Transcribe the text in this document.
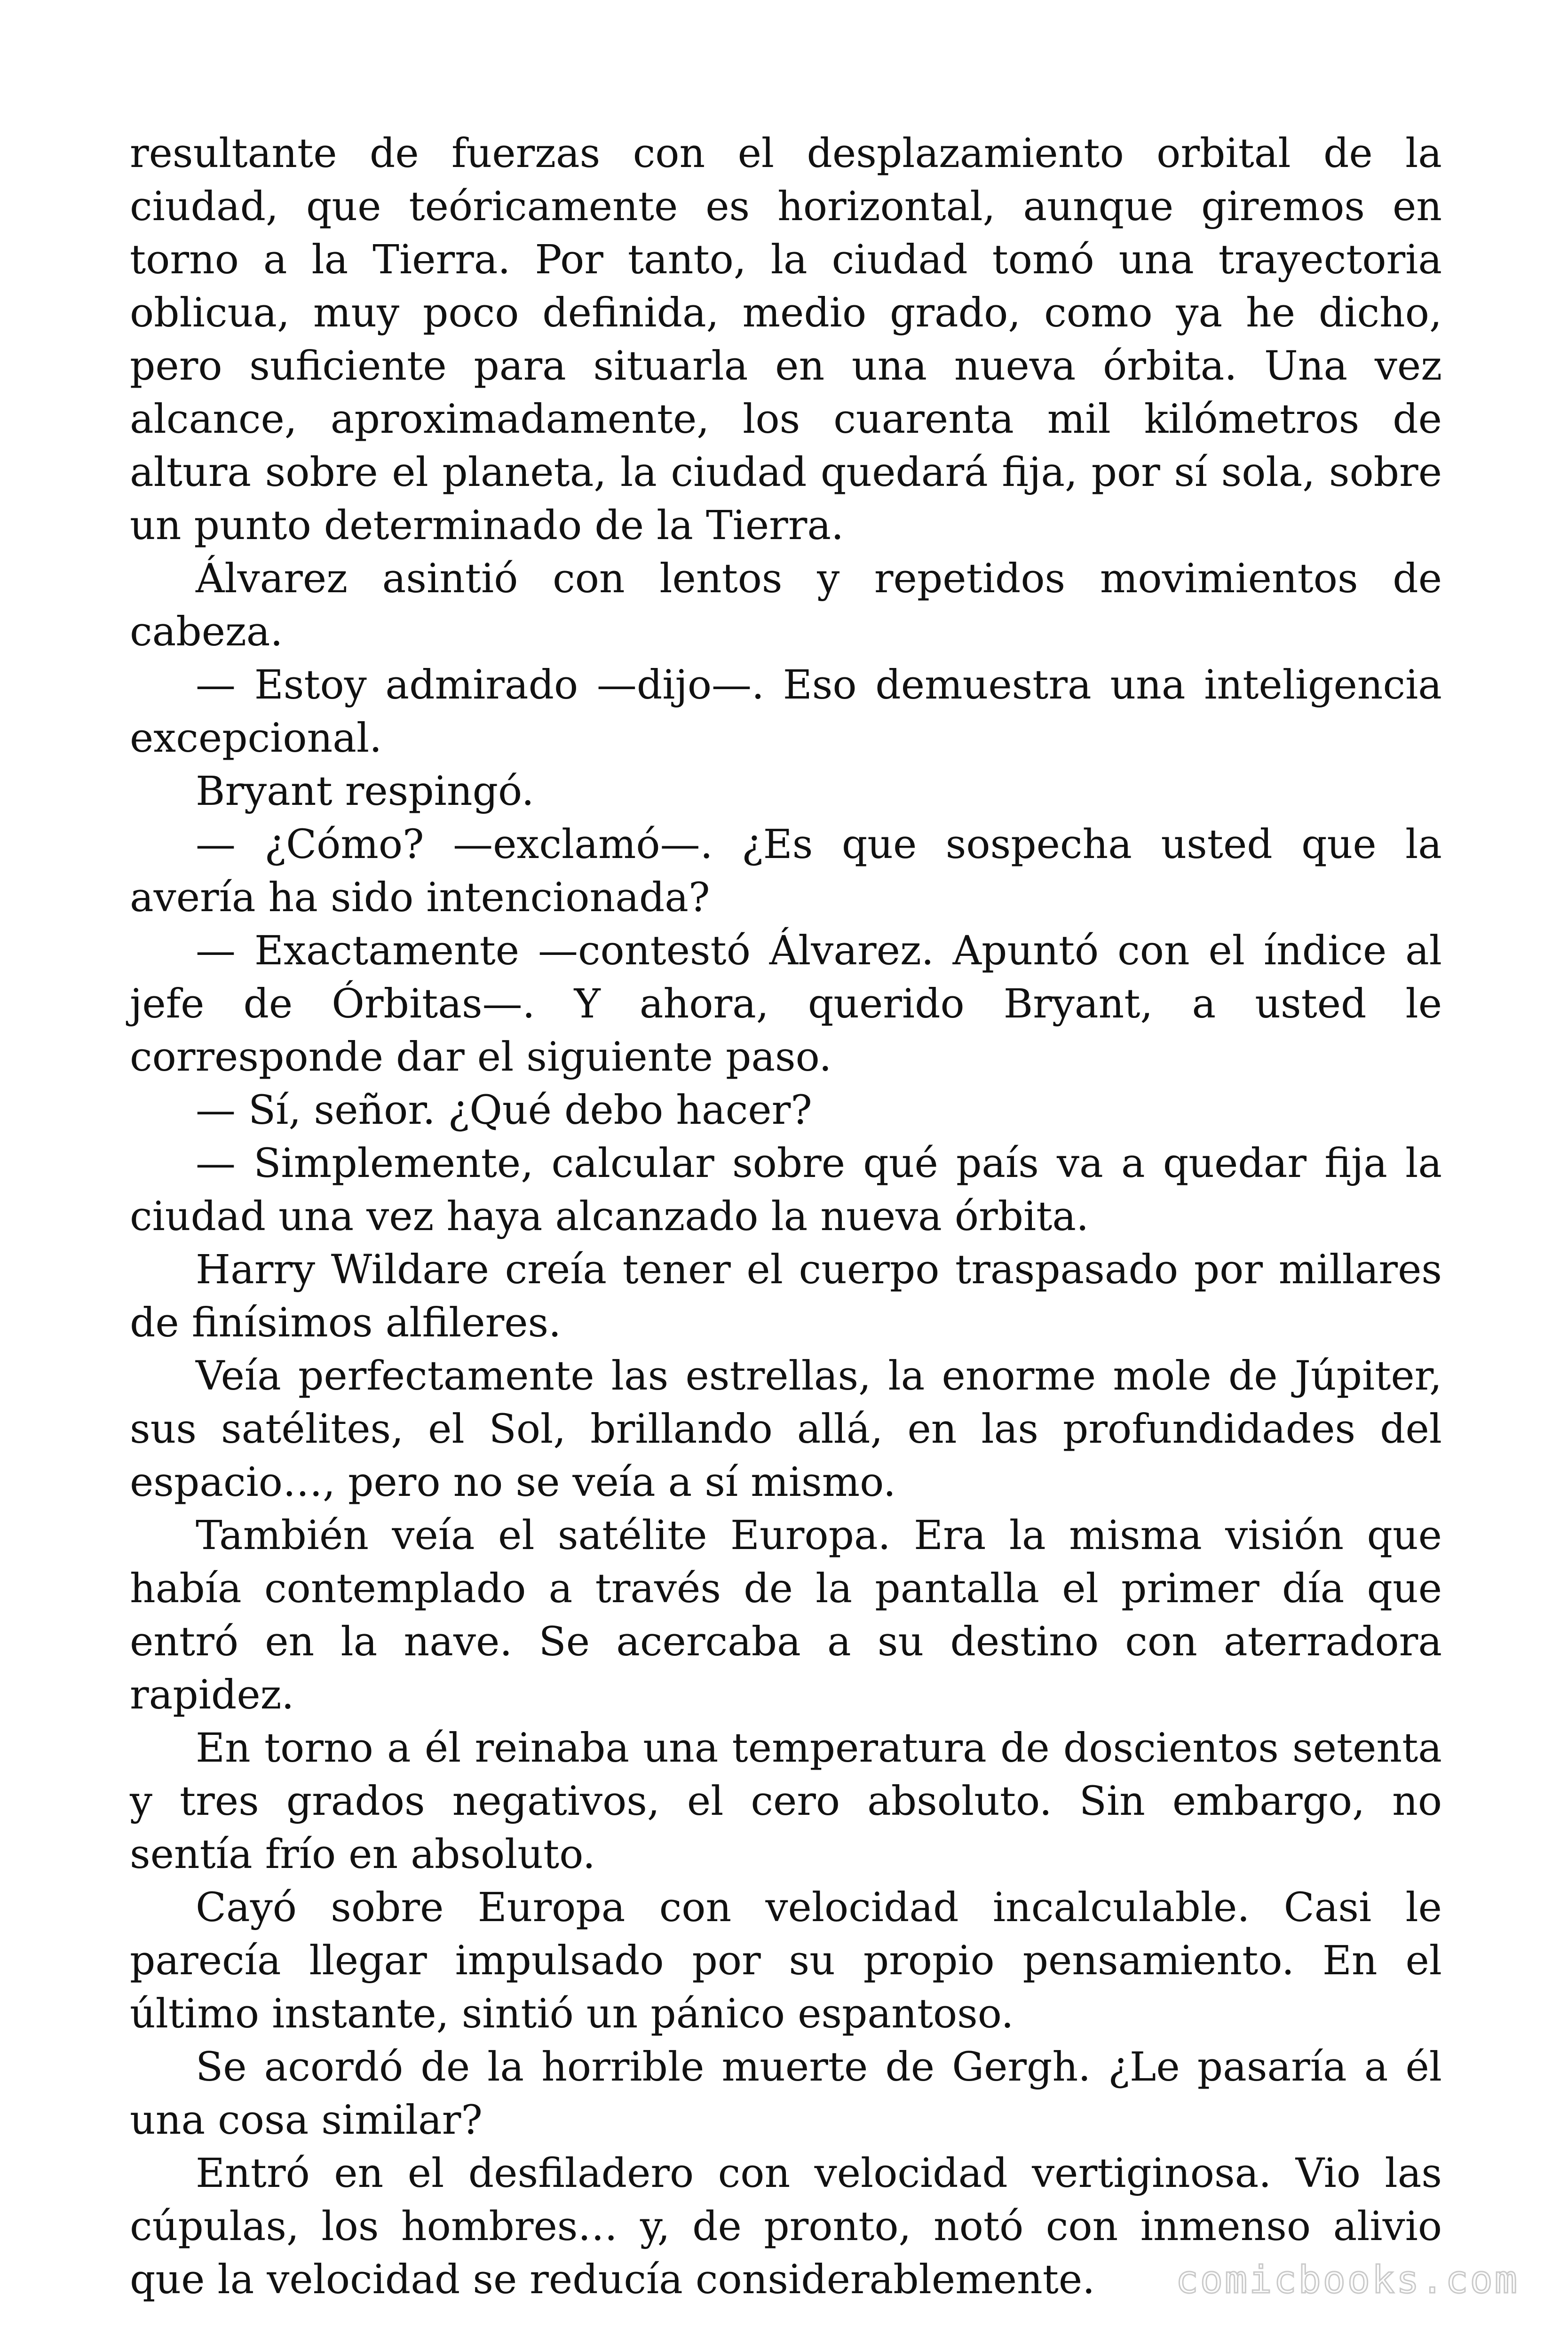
resultante de fuerzas con el desplazamiento orbital de la ciudad, que teóricamente es horizontal, aunque giremos en torno a la Tierra. Por tanto, la ciudad tomó una trayectoria oblicua, muy poco definida, medio grado, como ya he dicho, pero suficiente para situarla en una nueva órbita. Una vez alcance, aproximadamente, los cuarenta mil kilómetros de altura sobre el planeta, la ciudad quedará fija, por sí sola, sobre un punto determinado de la Tierra.

Álvarez asintió con lentos y repetidos movimientos de cabeza.

— Estoy admirado —dijo—. Eso demuestra una inteligencia excepcional.

Bryant respingó.

— ¿Cómo? —exclamó—. ¿Es que sospecha usted que la avería ha sido intencionada?

— Exactamente —contestó Álvarez. Apuntó con el índice al jefe de Órbitas—. Y ahora, querido Bryant, a usted le corresponde dar el siguiente paso.

— Sí, señor. ¿Qué debo hacer?

— Simplemente, calcular sobre qué país va a quedar fija la ciudad una vez haya alcanzado la nueva órbita.

Harry Wildare creía tener el cuerpo traspasado por millares de finísimos alfileres.

Veía perfectamente las estrellas, la enorme mole de Júpiter, sus satélites, el Sol, brillando allá, en las profundidades del espacio…, pero no se veía a sí mismo.

También veía el satélite Europa. Era la misma visión que había contemplado a través de la pantalla el primer día que entró en la nave. Se acercaba a su destino con aterradora rapidez.

En torno a él reinaba una temperatura de doscientos setenta y tres grados negativos, el cero absoluto. Sin embargo, no sentía frío en absoluto.

Cayó sobre Europa con velocidad incalculable. Casi le parecía llegar impulsado por su propio pensamiento. En el último instante, sintió un pánico espantoso.

Se acordó de la horrible muerte de Gergh. ¿Le pasaría a él una cosa similar?

Entró en el desfiladero con velocidad vertiginosa. Vio las cúpulas, los hombres… y, de pronto, notó con inmenso alivio que la velocidad se reducía considerablemente.	comicbooks.com
